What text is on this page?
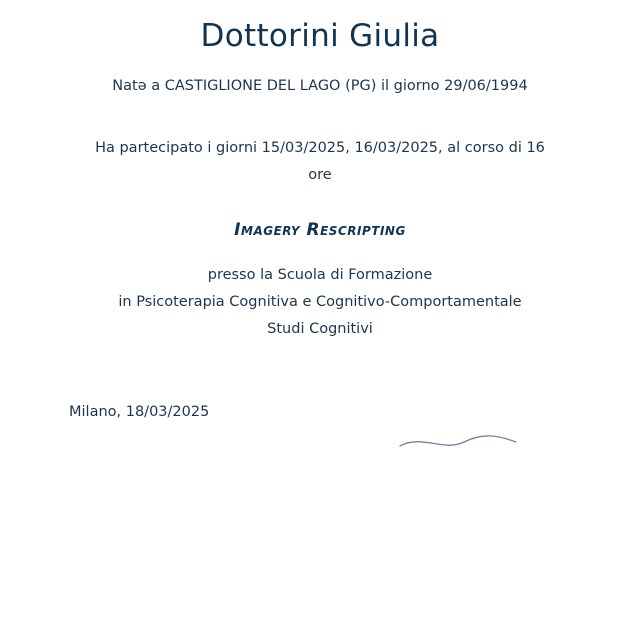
Dottorini Giulia
Natə a CASTIGLIONE DEL LAGO (PG) il giorno 29/06/1994
Ha partecipato i giorni 15/03/2025, 16/03/2025, al corso di 16
ore
Imagery Rescripting
presso la Scuola di Formazione
in Psicoterapia Cognitiva e Cognitivo-Comportamentale
Studi Cognitivi
Milano, 18/03/2025
